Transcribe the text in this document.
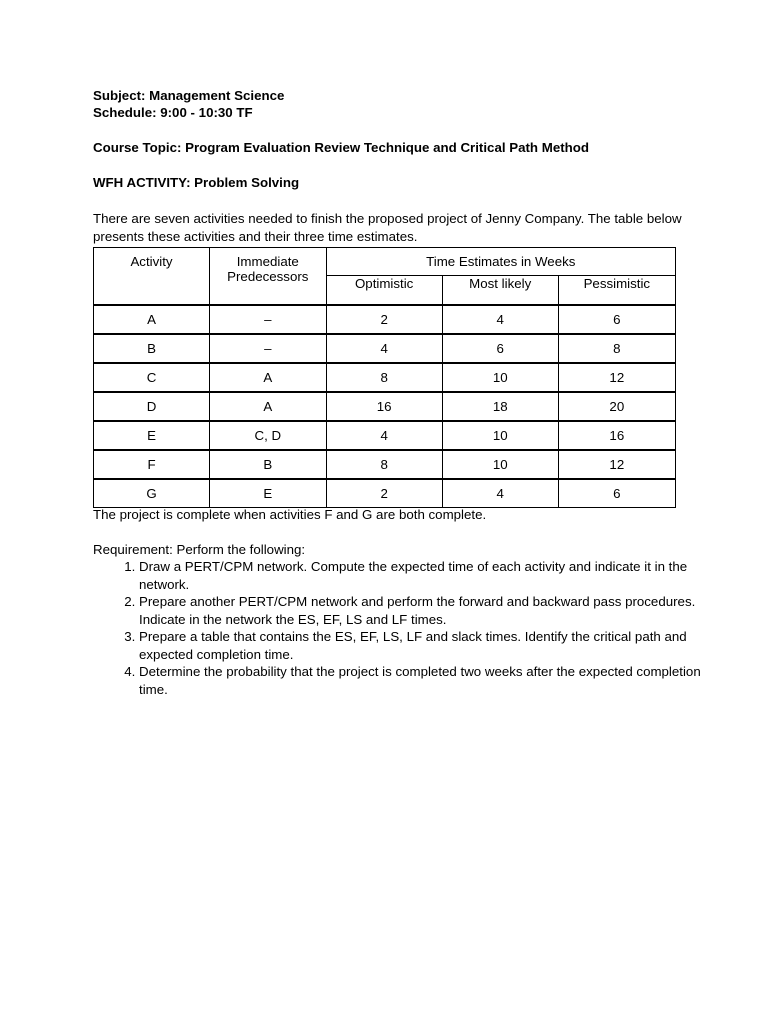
Subject: Management Science
Schedule: 9:00 - 10:30 TF
Course Topic: Program Evaluation Review Technique and Critical Path Method
WFH ACTIVITY: Problem Solving
There are seven activities needed to finish the proposed project of Jenny Company. The table below presents these activities and their three time estimates.
Activity	Immediate Predecessors	Time Estimates in Weeks		
		Optimistic	Most likely	Pessimistic
A	–	2	4	6
B	–	4	6	8
C	A	8	10	12
D	A	16	18	20
E	C, D	4	10	16
F	B	8	10	12
G	E	2	4	6
The project is complete when activities F and G are both complete.
Requirement: Perform the following:
1. Draw a PERT/CPM network. Compute the expected time of each activity and indicate it in the network.
2. Prepare another PERT/CPM network and perform the forward and backward pass procedures. Indicate in the network the ES, EF, LS and LF times.
3. Prepare a table that contains the ES, EF, LS, LF and slack times. Identify the critical path and expected completion time.
4. Determine the probability that the project is completed two weeks after the expected completion time.
